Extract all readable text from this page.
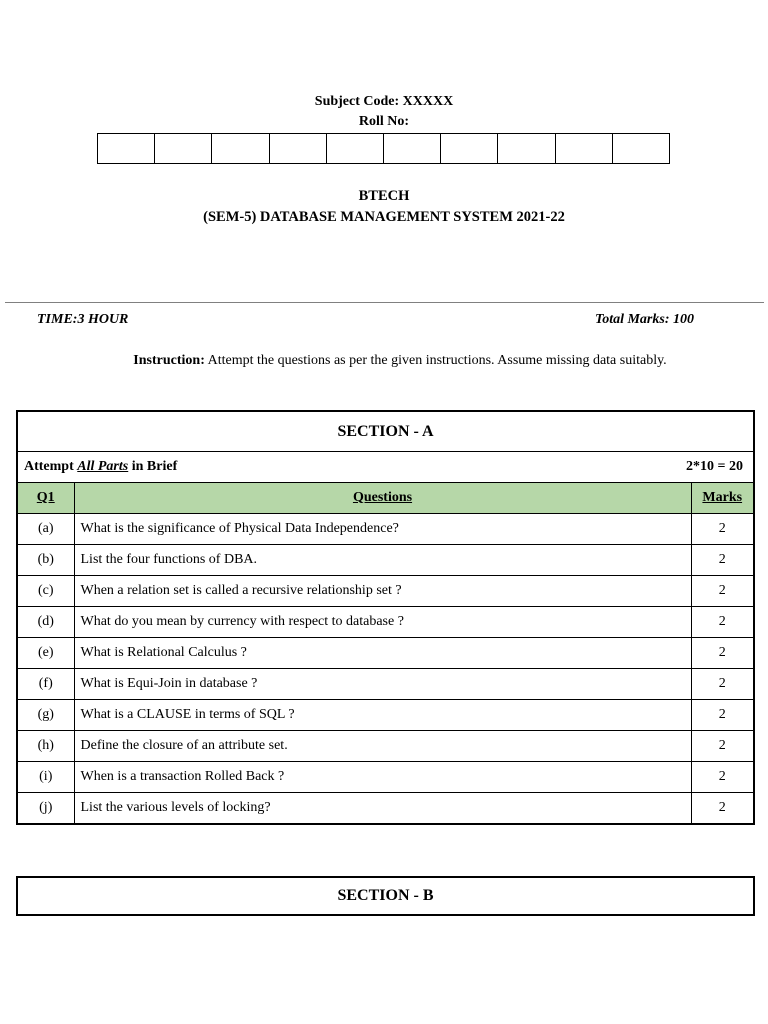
Subject Code: XXXXX
Roll No:
BTECH
(SEM-5) DATABASE MANAGEMENT SYSTEM 2021-22
TIME:3 HOUR	Total Marks: 100
Instruction: Attempt the questions as per the given instructions. Assume missing data suitably.
SECTION - A
Attempt All Parts in Brief	2*10 = 20
Q1	Questions	Marks
(a)	What is the significance of Physical Data Independence?	2
(b)	List the four functions of DBA.	2
(c)	When a relation set is called a recursive relationship set ?	2
(d)	What do you mean by currency with respect to database ?	2
(e)	What is Relational Calculus ?	2
(f)	What is Equi-Join in database ?	2
(g)	What is a CLAUSE in terms of SQL ?	2
(h)	Define the closure of an attribute set.	2
(i)	When is a transaction Rolled Back ?	2
(j)	List the various levels of locking?	2
SECTION - B
